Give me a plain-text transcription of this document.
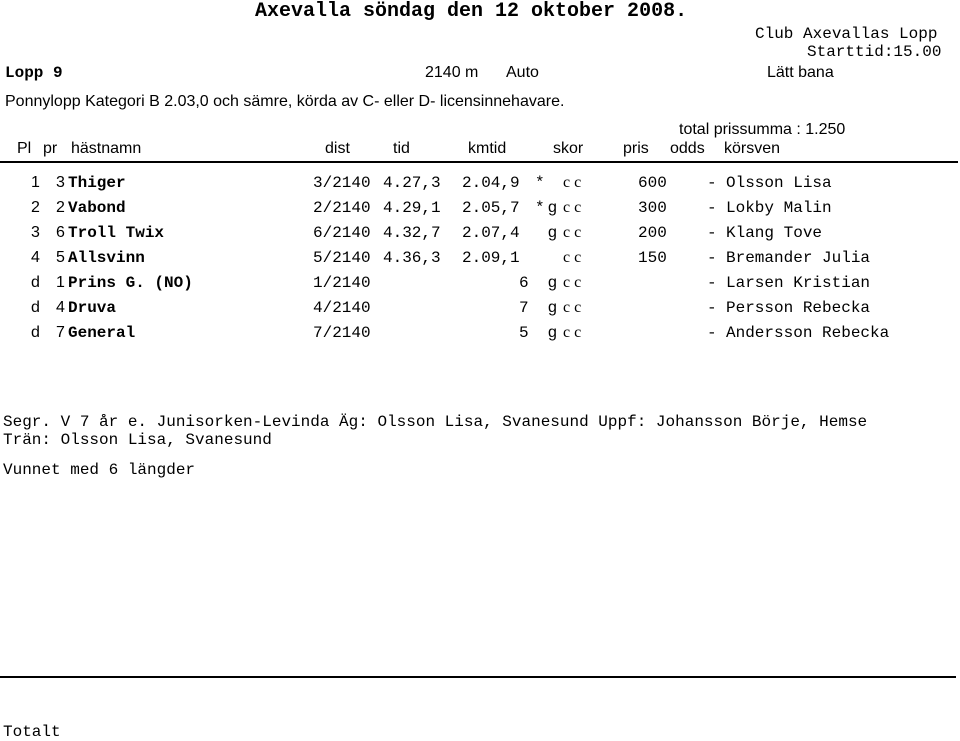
Axevalla söndag den 12 oktober 2008.
Club Axevallas Lopp
Starttid:15.00
Lopp 9	2140 m Auto	Lätt bana
Ponnylopp Kategori B 2.03,0 och sämre, körda av C- eller D- licensinnehavare.
total prissumma : 1.250
Pl pr hästnamn	dist	tid	kmtid	skor pris odds körsven
1 3 Thiger	3/2140 4.27,3 2.04,9 * c c	600	- Olsson Lisa
2 2 Vabond	2/2140 4.29,1 2.05,7 * g c c	300	- Lokby Malin
3 6 Troll Twix	6/2140 4.32,7 2.07,4 g c c	200	- Klang Tove
4 5 Allsvinn	5/2140 4.36,3 2.09,1	c c	150	- Bremander Julia
d 1 Prins G. (NO)	1/2140	6 g c c	- Larsen Kristian
d 4 Druva	4/2140	7 g c c	- Persson Rebecka
d 7 General	7/2140	5 g c c	- Andersson Rebecka
Segr. V 7 år e. Junisorken-Levinda Äg: Olsson Lisa, Svanesund Uppf: Johansson Börje, Hemse
Trän: Olsson Lisa, Svanesund
Vunnet med 6 längder
Totalt
